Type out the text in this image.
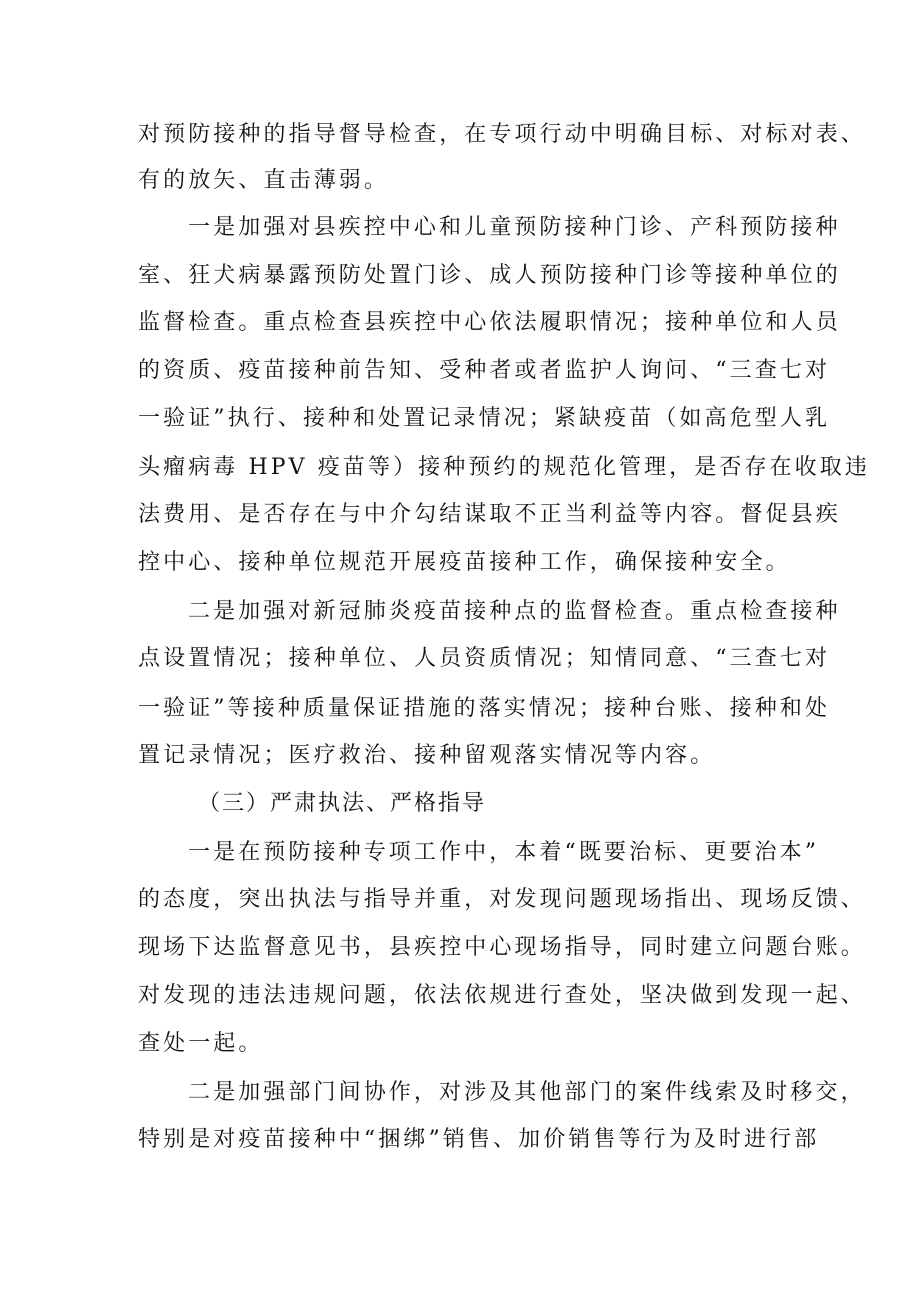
对预防接种的指导督导检查，在专项行动中明确目标、对标对表、
有的放矢、直击薄弱。
一是加强对县疾控中心和儿童预防接种门诊、产科预防接种
室、狂犬病暴露预防处置门诊、成人预防接种门诊等接种单位的
监督检查。重点检查县疾控中心依法履职情况；接种单位和人员
的资质、疫苗接种前告知、受种者或者监护人询问、“三查七对
一验证”执行、接种和处置记录情况；紧缺疫苗（如高危型人乳
头瘤病毒 HPV 疫苗等）接种预约的规范化管理，是否存在收取违
法费用、是否存在与中介勾结谋取不正当利益等内容。督促县疾
控中心、接种单位规范开展疫苗接种工作，确保接种安全。
二是加强对新冠肺炎疫苗接种点的监督检查。重点检查接种
点设置情况；接种单位、人员资质情况；知情同意、“三查七对
一验证”等接种质量保证措施的落实情况；接种台账、接种和处
置记录情况；医疗救治、接种留观落实情况等内容。
（三）严肃执法、严格指导
一是在预防接种专项工作中，本着“既要治标、更要治本”
的态度，突出执法与指导并重，对发现问题现场指出、现场反馈、
现场下达监督意见书，县疾控中心现场指导，同时建立问题台账。
对发现的违法违规问题，依法依规进行查处，坚决做到发现一起、
查处一起。
二是加强部门间协作，对涉及其他部门的案件线索及时移交，
特别是对疫苗接种中“捆绑”销售、加价销售等行为及时进行部
